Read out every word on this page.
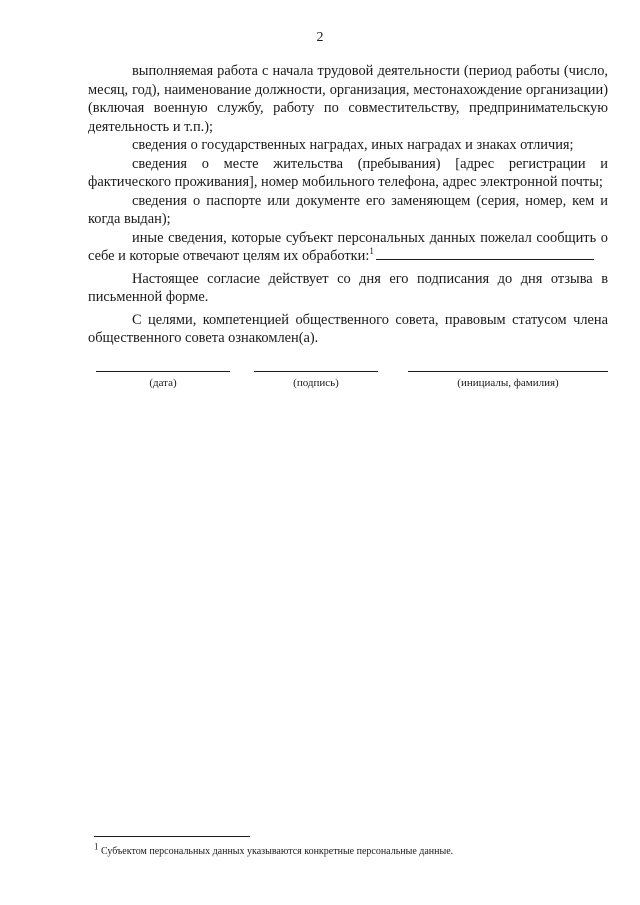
2

выполняемая работа с начала трудовой деятельности (период работы (число, месяц, год), наименование должности, организация, местонахождение организации) (включая военную службу, работу по совместительству, предпринимательскую деятельность и т.п.);

сведения о государственных наградах, иных наградах и знаках отличия;

сведения о месте жительства (пребывания) [адрес регистрации и фактического проживания], номер мобильного телефона, адрес электронной почты;

сведения о паспорте или документе его заменяющем (серия, номер, кем и когда выдан);

иные сведения, которые субъект персональных данных пожелал сообщить о себе и которые отвечают целям их обработки:$^1$

Настоящее согласие действует со дня его подписания до дня отзыва в письменной форме.

С целями, компетенцией общественного совета, правовым статусом члена общественного совета ознакомлен(а).

(дата)	(подпись)	(инициалы, фамилия)
$^1$ Субъектом персональных данных указываются конкретные персональные данные.
